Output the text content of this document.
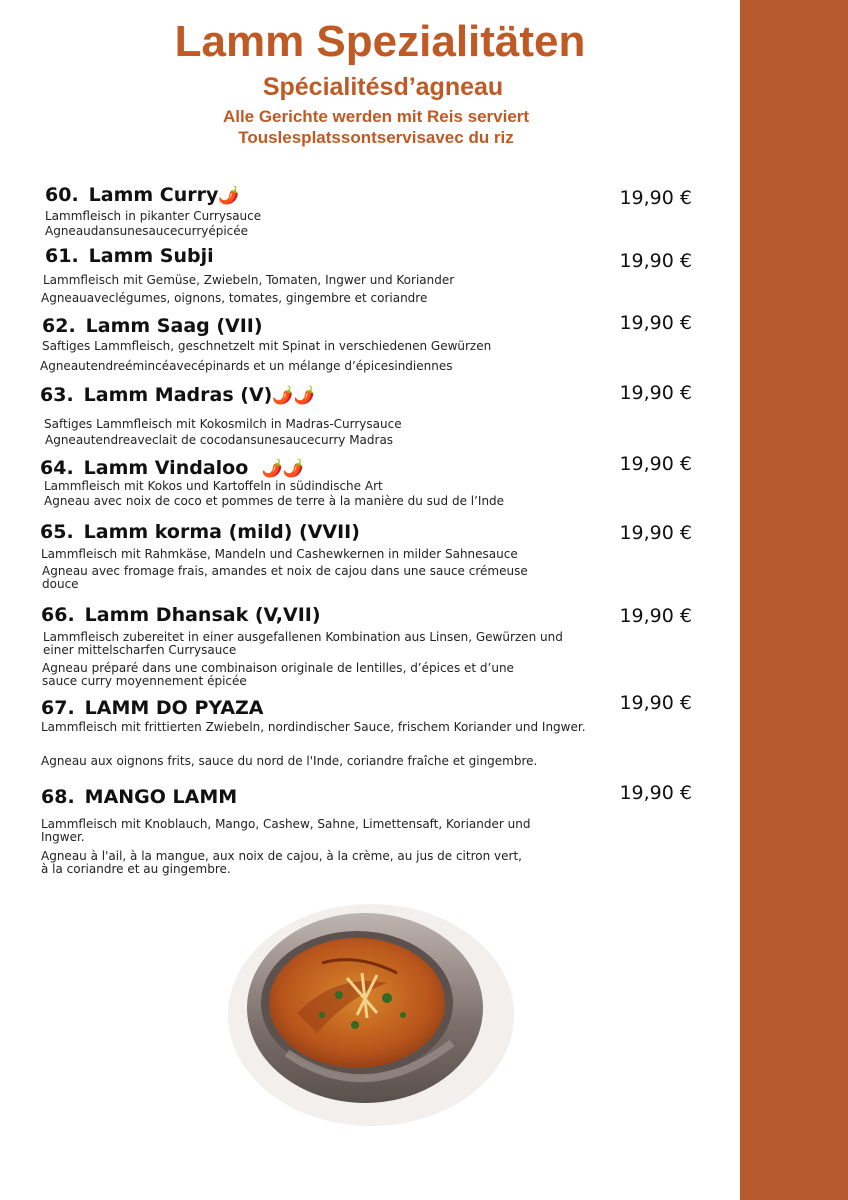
Lamm Spezialitäten
Spécialitésd’agneau
Alle Gerichte werden mit Reis serviert
Touslesplatssontservisavec du riz
60. Lamm Curry🌶️	19,90 €
Lammfleisch in pikanter Currysauce
Agneaudansunesaucecurryépicée
61. Lamm Subji	19,90 €
Lammfleisch mit Gemüse, Zwiebeln, Tomaten, Ingwer und Koriander
Agneauaveclégumes, oignons, tomates, gingembre et coriandre
62. Lamm Saag (VII)	19,90 €
Saftiges Lammfleisch, geschnetzelt mit Spinat in verschiedenen Gewürzen
Agneautendreémincéavecépinards et un mélange d’épicesindiennes
63. Lamm Madras (V)🌶️🌶️	19,90 €
Saftiges Lammfleisch mit Kokosmilch in Madras-Currysauce
Agneautendreaveclait de cocodansunesaucecurry Madras
64. Lamm Vindaloo 🌶️🌶️	19,90 €
Lammfleisch mit Kokos und Kartoffeln in südindische Art
Agneau avec noix de coco et pommes de terre à la manière du sud de l’Inde
65. Lamm korma (mild) (VVII)	19,90 €
Lammfleisch mit Rahmkäse, Mandeln und Cashewkernen in milder Sahnesauce
Agneau avec fromage frais, amandes et noix de cajou dans une sauce crémeuse douce
66. Lamm Dhansak (V,VII)	19,90 €
Lammfleisch zubereitet in einer ausgefallenen Kombination aus Linsen, Gewürzen und einer mittelscharfen Currysauce
Agneau préparé dans une combinaison originale de lentilles, d’épices et d’une sauce curry moyennement épicée
67. LAMM DO PYAZA	19,90 €
Lammfleisch mit frittierten Zwiebeln, nordindischer Sauce, frischem Koriander und Ingwer.
Agneau aux oignons frits, sauce du nord de l'Inde, coriandre fraîche et gingembre.
68. MANGO LAMM	19,90 €
Lammfleisch mit Knoblauch, Mango, Cashew, Sahne, Limettensaft, Koriander und Ingwer.
Agneau à l'ail, à la mangue, aux noix de cajou, à la crème, au jus de citron vert, à la coriandre et au gingembre.
